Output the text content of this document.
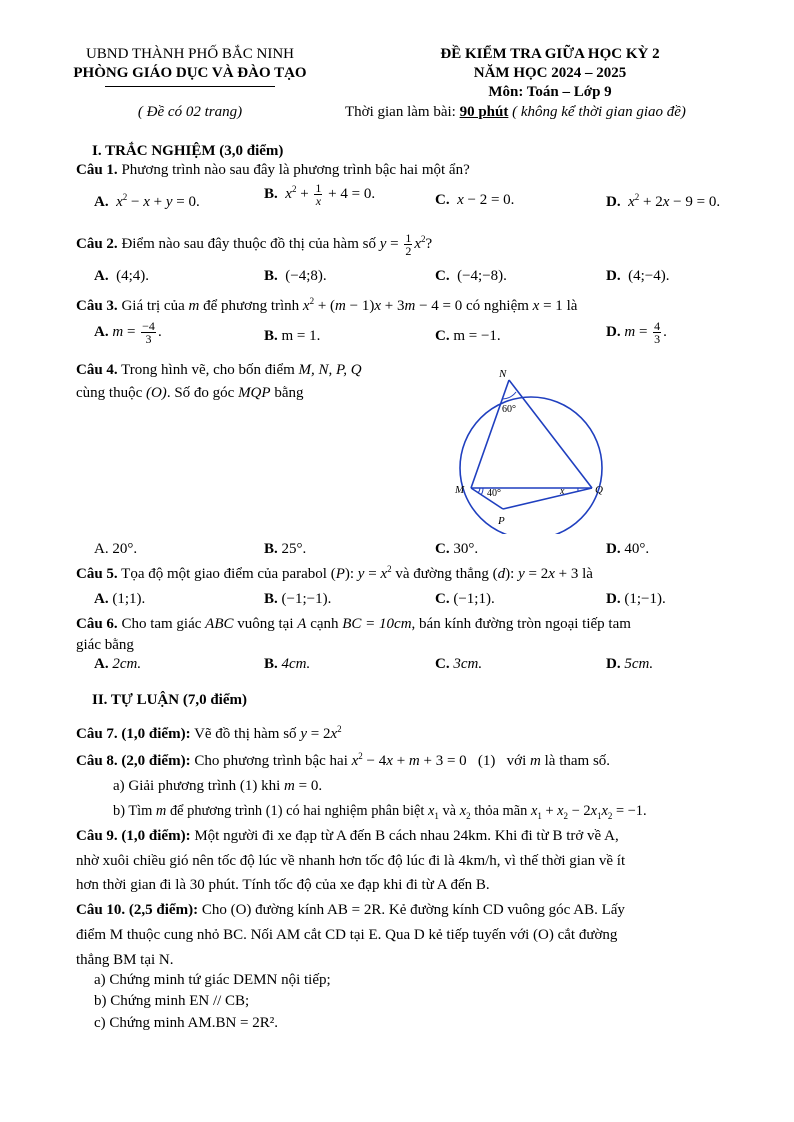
UBND THÀNH PHỐ BẮC NINH
PHÒNG GIÁO DỤC VÀ ĐÀO TẠO
( Đề có 02 trang)
ĐỀ KIỂM TRA GIỮA HỌC KỲ 2
NĂM HỌC 2024 – 2025
Môn: Toán – Lớp 9
Thời gian làm bài: 90 phút ( không kể thời gian giao đề)
I. TRẮC NGHIỆM (3,0 điểm)
Câu 1. Phương trình nào sau đây là phương trình bậc hai một ẩn?
A. $x^2 - x + y = 0$.
B. $x^2 + \frac{1}{x} + 4 = 0$.	C. x − 2 = 0.	D. $x^2 + 2x - 9 = 0$.
Câu 2. Điểm nào sau đây thuộc đồ thị của hàm số $y = \frac{1}{2} x^2$?
A. (4;4).	B. (−4;8).	C. (−4;−8).	D. (4;−4).
Câu 3. Giá trị của m để phương trình $x^2 + (m - 1)x + 3m - 4 = 0$ có nghiệm x = 1 là
A. $m = \frac{-4}{3}$ .	B. m = 1.	C. m = −1.	D. $m = \frac{4}{3}$ .
Câu 4. Trong hình vẽ, cho bốn điểm M, N, P, Q
cùng thuộc (O). Số đo góc MQP bằng
N
M
P
Q
60°
40°	x
A. 20°.	B. 25°.	C. 30°.	D. 40°.
Câu 5. Tọa độ một giao điểm của parabol (P): $y = x^2$ và đường thẳng (d): y = 2x + 3 là
A. (1;1).	B. (−1;−1).	C. (−1;1).	D. (1;−1).
Câu 6. Cho tam giác ABC vuông tại A cạnh BC = 10cm, bán kính đường tròn ngoại tiếp tam
giác bằng
A. 2cm.	B. 4cm.	C. 3cm.	D. 5cm.
II. TỰ LUẬN (7,0 điểm)
Câu 7. (1,0 điểm): Vẽ đồ thị hàm số $y = 2x^2$
Câu 8. (2,0 điểm): Cho phương trình bậc hai $x^2 - 4x + m + 3 = 0$   (1) với m là tham số.
a) Giải phương trình (1) khi m = 0.
b) Tìm m để phương trình (1) có hai nghiệm phân biệt $x_1$ và $x_2$ thỏa mãn $x_1 + x_2 - 2x_1x_2 = -1$.
Câu 9. (1,0 điểm): Một người đi xe đạp từ A đến B cách nhau 24km. Khi đi từ B trở về A,
nhờ xuôi chiều gió nên tốc độ lúc về nhanh hơn tốc độ lúc đi là 4km/h, vì thế thời gian về ít
hơn thời gian đi là 30 phút. Tính tốc độ của xe đạp khi đi từ A đến B.
Câu 10. (2,5 điểm): Cho (O) đường kính AB = 2R. Kẻ đường kính CD vuông góc AB. Lấy
điểm M thuộc cung nhỏ BC. Nối AM cắt CD tại E. Qua D kẻ tiếp tuyến với (O) cắt đường
thẳng BM tại N.
a) Chứng minh tứ giác DEMN nội tiếp;
b) Chứng minh EN // CB;
c) Chứng minh AM.BN = 2R².
